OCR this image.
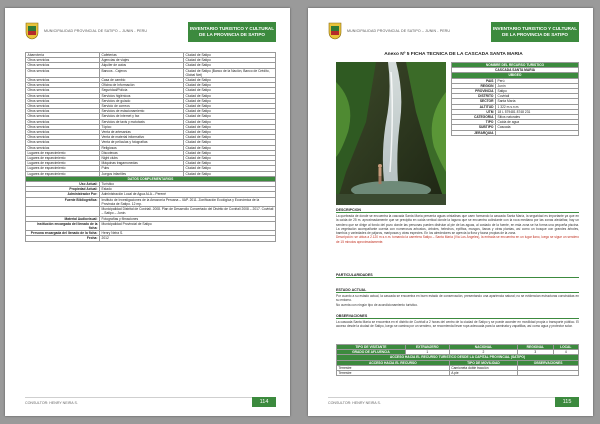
MUNICIPALIDAD PROVINCIAL DE SATIPO – JUNIN - PERU
INVENTARIO TURISTICO Y CULTURAL
DE LA PROVINCIA DE SATIPO
Abarrotería	Cafeterías	Ciudad de Satipo
Otros servicios	Agencias de viajes	Ciudad de Satipo
Otros servicios	Alquiler de autos	Ciudad de Satipo
Otros servicios	Bancos - Cajeros	Ciudad de Satipo (Banco de la Nación, Banco de Crédito, Global Net)
Otros servicios	Casa de cambio	Ciudad de Satipo
Otros servicios	Oficina de Información	Ciudad de Satipo
Otros servicios	Seguridad/Policía	Ciudad de Satipo
Otros servicios	Servicios higiénicos	Ciudad de Satipo
Otros servicios	Servicios de guiado	Ciudad de Satipo
Otros servicios	Servicio de correos	Ciudad de Satipo
Otros servicios	Servicios de estacionamiento	Ciudad de Satipo
Otros servicios	Servicios de internet y fax	Ciudad de Satipo
Otros servicios	Servicios de taxis y mototaxis	Ciudad de Satipo
Otros servicios	Tópico	Ciudad de Satipo
Otros servicios	Venta de artesanías	Ciudad de Satipo
Otros servicios	Venta de material informativo	Ciudad de Satipo
Otros servicios	Venta de películas y fotografías	Ciudad de Satipo
Otros servicios	Religiosos	Ciudad de Satipo
Lugares de esparcimiento	Discotecas	Ciudad de Satipo
Lugares de esparcimiento	Night clubs	Ciudad de Satipo
Lugares de esparcimiento	Máquinas tragamonedas	Ciudad de Satipo
Lugares de esparcimiento	Pubs	Ciudad de Satipo
Lugares de esparcimiento	Juegos infantiles	Ciudad de Satipo
DATOS COMPLEMENTARIOS		
Uso Actual:	Turístico	
Propiedad Actual:	Estado	
Administrador Por:	Administración Local de Agua ALA – Perené	
Fuente Bibliográfica:	Instituto de Investigaciones de la Amazonía Peruana – IIAP. 2011. Zonificación Ecológica y Económica de la Provincia de Satipo. 12 mp.	
	Municipalidad Distrital de Coviriali. 2008. Plan de Desarrollo Concertado del Distrito de Coviriali 2008 – 2017. Coviriali – Satipo – Junín.	
Material Audiovisual:	Fotografías y filmaciones	
Institución encargada del llenado de la ficha:	Municipalidad Provincial de Satipo	
Persona encargada del llenado de la ficha:	Henry Neira S.	
Fecha:	2012	
CONSULTOR: HENRY NEIRA S.	114
MUNICIPALIDAD PROVINCIAL DE SATIPO – JUNIN - PERU
INVENTARIO TURISTICO Y CULTURAL
DE LA PROVINCIA DE SATIPO
Anexo Nº 5 FICHA TECNICA DE LA CASCADA SANTA MARIA
NOMBRE DEL RECURSO TURISTICO	
CASCADA SANTA MARIA	
UBIGEO	
PAIS	Perú
REGION	Junín
PROVINCIA	Satipo
DISTRITO	Coviriali
SECTOR	Santa María
ALTITUD	1 322 m.s.n.m.
UTM	18 L 579481 8748 231
CATEGORIA	Sitios naturales
TIPO	Caída de agua
SUBTIPO	Cascada
JERARQUIA	
DESCRIPCION
La quebrada de donde se encuentra la cascada Santa María presenta aguas cristalinas que caen formando la cascada Santa María, la seguridad es importante ya que en la caída de 25 m. aproximadamente que se precipita en caída vertical donde la laguna que se encuentra colindante con la roca mediana por las zonas aledañas; hay un sendero que se dirige al fondo del pozo donde las personas pueden disfrutar al pie de las aguas, al costado de la fuente, en esta zona se ha forma una pequeña piscina. La vegetación acompañante cuenta con numerosos arbustos, árboles, helechos, epífitas, musgos, lianas y otras plantas, así como un bosque con grandes árboles, bambús y variedades de pájaros, mariposas y otras especies. En los alrededores se aprecia la flora y fauna propias de la zona.
Descripción: se ubica a 2.120 m.s.n.m. tomando la carretera Satipo – Santa María (Vía Los Ángeles), la entrada se encuentra en un lugar llano, luego se sigue un sendero de 15 minutos aproximadamente.
PARTICULARIDADES
ESTADO ACTUAL
Por cuanto a su estado actual, la cascada se encuentra en buen estado de conservación, presentando una apariencia natural; no se evidencian estructuras construidas en su entorno.
No cuenta con ningún tipo de acondicionamiento turístico.
OBSERVACIONES
La cascada Santa María se encuentra en el distrito de Coviriali a 2 horas del centro de la ciudad de Satipo y se puede acceder en movilidad propia o transporte público. El acceso desde la ciudad de Satipo, luego se camina por un sendero, se recomienda llevar ropa adecuada para la caminata y zapatillas, así como agua y protector solar.
TIPO DE VISITANTE	EXTRANJERO	NACIONAL	REGIONAL	LOCAL
GRADO DE AFLUENCIA	1	2	3	4
ACCESO HACIA EL RECURSO TURISTICO DESDE LA CAPITAL PROVINCIAL (SATIPO)				
ACCESO HACIA EL RECURSO		TIPO DE MOVILIDAD	OBSERVACIONES	
Terrestre		Camioneta doble tracción		
Terrestre		A pie		
CONSULTOR: HENRY NEIRA S.	115
